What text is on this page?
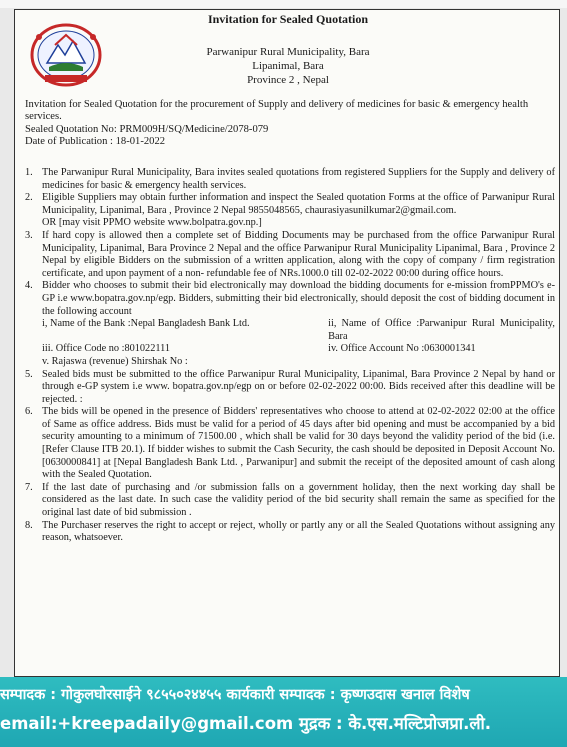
Invitation for Sealed Quotation
Parwanipur Rural Municipality, Bara
Lipanimal, Bara
Province 2 , Nepal
Invitation for Sealed Quotation for the procurement of Supply and delivery of medicines for basic & emergency health services.
Sealed Quotation No: PRM009H/SQ/Medicine/2078-079
Date of Publication : 18-01-2022
1. The Parwanipur Rural Municipality, Bara invites sealed quotations from registered Suppliers for the Supply and delivery of medicines for basic & emergency health services.
2. Eligible Suppliers may obtain further information and inspect the Sealed quotation Forms at the office of Parwanipur Rural Municipality, Lipanimal, Bara , Province 2 Nepal 9855048565, chaurasiyasunilkumar2@gmail.com.
OR [may visit PPMO website www.bolpatra.gov.np.]
3. If hard copy is allowed then a complete set of Bidding Documents may be purchased from the office Parwanipur Rural Municipality, Lipanimal, Bara Province 2 Nepal and the office Parwanipur Rural Municipality Lipanimal, Bara , Province 2 Nepal by eligible Bidders on the submission of a written application, along with the copy of company / firm registration certificate, and upon payment of a non- refundable fee of NRs.1000.0 till 02-02-2022 00:00 during office hours.
4. Bidder who chooses to submit their bid electronically may download the bidding documents for e-mission fromPPMO's e-GP i.e www.bopatra.gov.np/egp. Bidders, submitting their bid electronically, should deposit the cost of bidding document in the following account
i, Name of the Bank :Nepal Bangladesh Bank Ltd.	ii, Name of Office :Parwanipur Rural Municipality, Bara
iii. Office Code no :801022111	iv. Office Account No :0630001341
v. Rajaswa (revenue) Shirshak No :
5. Sealed bids must be submitted to the office Parwanipur Rural Municipality, Lipanimal, Bara Province 2 Nepal by hand or through e-GP system i.e www. bopatra.gov.np/egp on or before 02-02-2022 00:00. Bids received after this deadline will be rejected. :
6. The bids will be opened in the presence of Bidders' representatives who choose to attend at 02-02-2022 02:00 at the office of Same as office address. Bids must be valid for a period of 45 days after bid opening and must be accompanied by a bid security amounting to a minimum of 71500.00 , which shall be valid for 30 days beyond the validity period of the bid (i.e. [Refer Clause ITB 20.1). If bidder wishes to submit the Cash Security, the cash should be deposited in Deposit Account No.[0630000841] at [Nepal Bangladesh Bank Ltd. , Parwanipur] and submit the receipt of the deposited amount of cash along with the Sealed Quotation.
7. If the last date of purchasing and /or submission falls on a government holiday, then the next working day shall be considered as the last date. In such case the validity period of the bid security shall remain the same as specified for the original last date of bid submission .
8. The Purchaser reserves the right to accept or reject, wholly or partly any or all the Sealed Quotations without assigning any reason, whatsoever.
सम्पादक : गोकुलघोरसाईने ९८५५०२४४५५ कार्यकारी सम्पादक : कृष्णउदास खनाल विशेष
email:+kreepadaily@gmail.com मुद्रक : के.एस.मल्टिप्रोजप्रा.ली.
